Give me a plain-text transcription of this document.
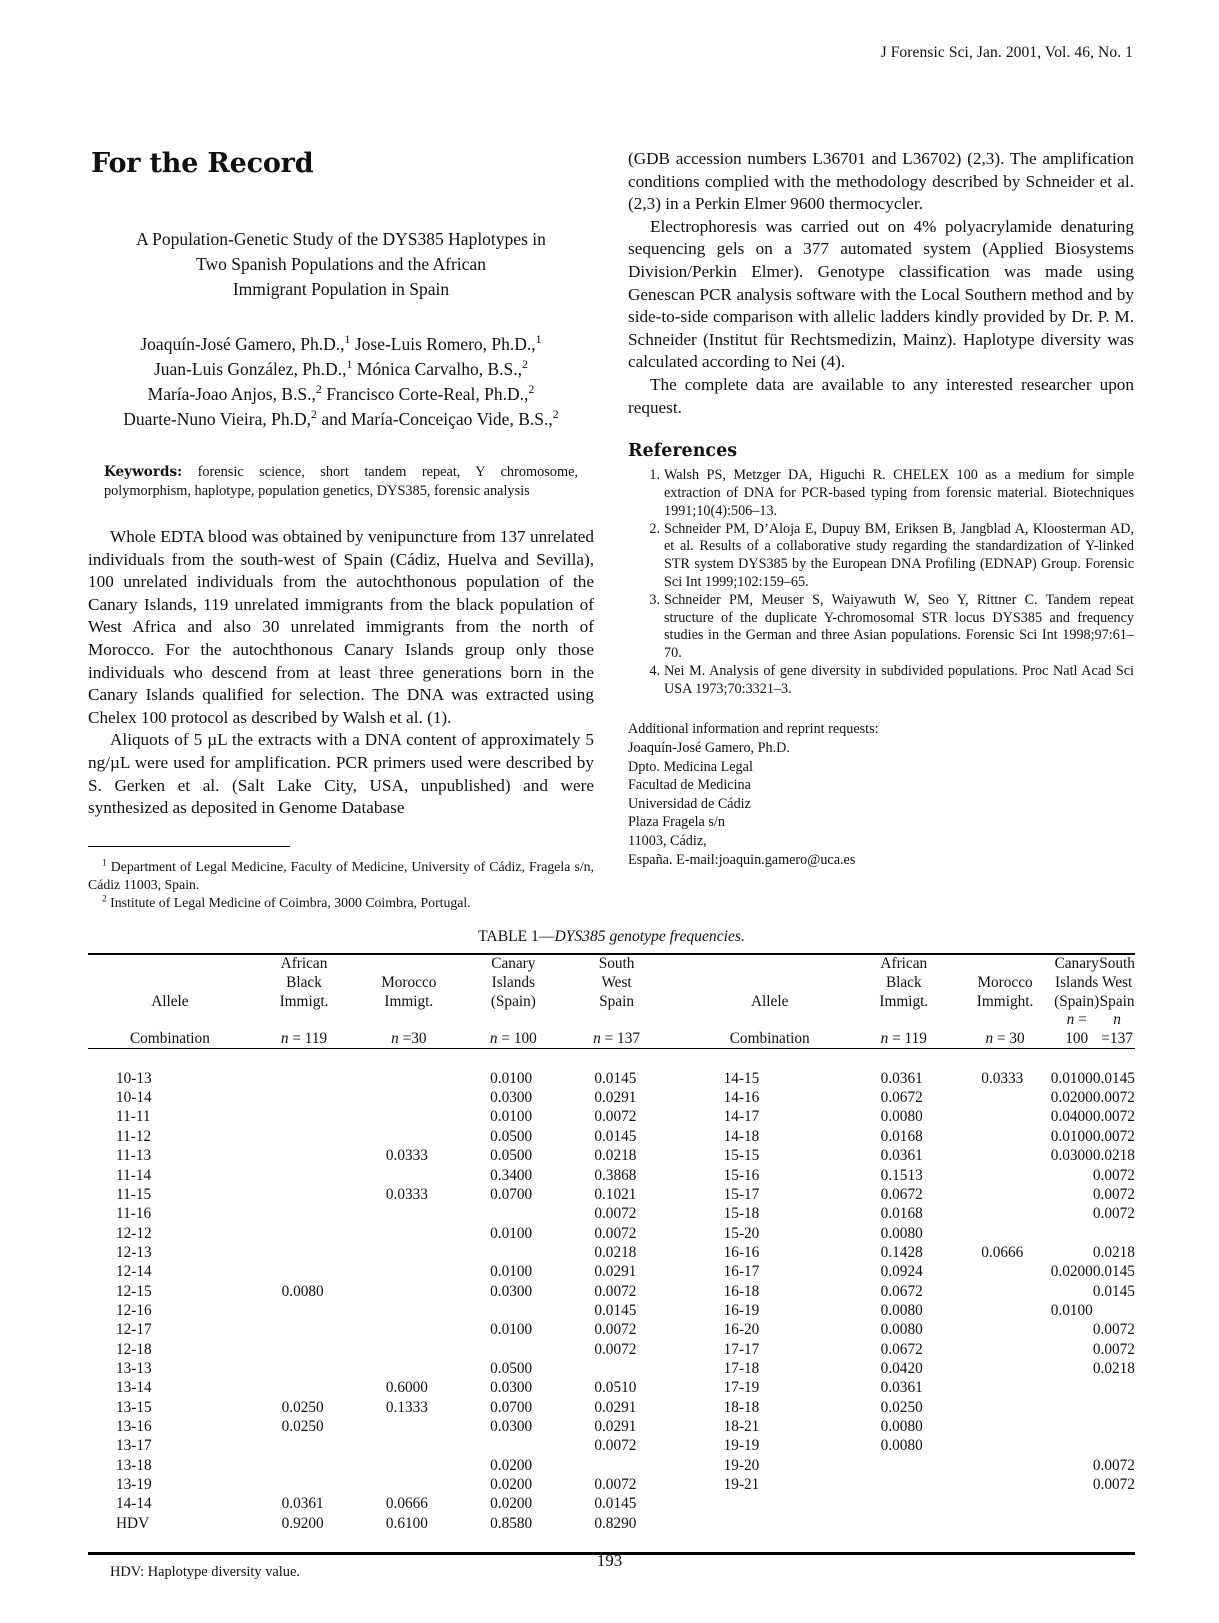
J Forensic Sci, Jan. 2001, Vol. 46, No. 1
For the Record
A Population-Genetic Study of the DYS385 Haplotypes in
Two Spanish Populations and the African
Immigrant Population in Spain
Joaquín-José Gamero, Ph.D.,$^1$ Jose-Luis Romero, Ph.D.,$^1$
Juan-Luis González, Ph.D.,$^1$ Mónica Carvalho, B.S.,$^2$
María-Joao Anjos, B.S.,$^2$ Francisco Corte-Real, Ph.D.,$^2$
Duarte-Nuno Vieira, Ph.D,$^2$ and María-Conceiçao Vide, B.S.,$^2$

Keywords: forensic science, short tandem repeat, Y chromosome, polymorphism, haplotype, population genetics, DYS385, forensic analysis

Whole EDTA blood was obtained by venipuncture from 137 unrelated individuals from the south-west of Spain (Cádiz, Huelva and Sevilla), 100 unrelated individuals from the autochthonous population of the Canary Islands, 119 unrelated immigrants from the black population of West Africa and also 30 unrelated immigrants from the north of Morocco. For the autochthonous Canary Islands group only those individuals who descend from at least three generations born in the Canary Islands qualified for selection. The DNA was extracted using Chelex 100 protocol as described by Walsh et al. (1).

Aliquots of 5 µL the extracts with a DNA content of approximately 5 ng/µL were used for amplification. PCR primers used were described by S. Gerken et al. (Salt Lake City, USA, unpublished) and were synthesized as deposited in Genome Database

$^1$ Department of Legal Medicine, Faculty of Medicine, University of Cádiz, Fragela s/n, Cádiz 11003, Spain.

$^2$ Institute of Legal Medicine of Coimbra, 3000 Coimbra, Portugal.

(GDB accession numbers L36701 and L36702) (2,3). The amplification conditions complied with the methodology described by Schneider et al. (2,3) in a Perkin Elmer 9600 thermocycler.

Electrophoresis was carried out on 4% polyacrylamide denaturing sequencing gels on a 377 automated system (Applied Biosystems Division/Perkin Elmer). Genotype classification was made using Genescan PCR analysis software with the Local Southern method and by side-to-side comparison with allelic ladders kindly provided by Dr. P. M. Schneider (Institut für Rechtsmedizin, Mainz). Haplotype diversity was calculated according to Nei (4).

The complete data are available to any interested researcher upon request.

References
1. Walsh PS, Metzger DA, Higuchi R. CHELEX 100 as a medium for simple extraction of DNA for PCR-based typing from forensic material. Biotechniques 1991;10(4):506–13.
2. Schneider PM, D’Aloja E, Dupuy BM, Eriksen B, Jangblad A, Kloosterman AD, et al. Results of a collaborative study regarding the standardization of Y-linked STR system DYS385 by the European DNA Profiling (EDNAP) Group. Forensic Sci Int 1999;102:159–65.
3. Schneider PM, Meuser S, Waiyawuth W, Seo Y, Rittner C. Tandem repeat structure of the duplicate Y-chromosomal STR locus DYS385 and frequency studies in the German and three Asian populations. Forensic Sci Int 1998;97:61–70.
4. Nei M. Analysis of gene diversity in subdivided populations. Proc Natl Acad Sci USA 1973;70:3321–3.
Additional information and reprint requests:
Joaquín-José Gamero, Ph.D.
Dpto. Medicina Legal
Facultad de Medicina
Universidad de Cádiz
Plaza Fragela s/n
11003, Cádiz,
España. E-mail:joaquin.gamero@uca.es
TABLE 1—DYS385 genotype frequencies.
	African		Canary	South			African		Canary	South
	Black	Morocco	Islands	West			Black	Morocco	Islands	West
Allele	Immigt.	Immigt.	(Spain)	Spain		Allele	Immigt.	Immight.	(Spain)	Spain
Combination	n = 119	n =30	n = 100	n = 137		Combination	n = 119	n = 30	n = 100	n =137

10-13			0.0100	0.0145		14-15	0.0361	0.0333	0.0100	0.0145
10-14			0.0300	0.0291		14-16	0.0672		0.0200	0.0072
11-11			0.0100	0.0072		14-17	0.0080		0.0400	0.0072
11-12			0.0500	0.0145		14-18	0.0168		0.0100	0.0072
11-13		0.0333	0.0500	0.0218		15-15	0.0361		0.0300	0.0218
11-14			0.3400	0.3868		15-16	0.1513			0.0072
11-15		0.0333	0.0700	0.1021		15-17	0.0672			0.0072
11-16				0.0072		15-18	0.0168			0.0072
12-12			0.0100	0.0072		15-20	0.0080			
12-13				0.0218		16-16	0.1428	0.0666		0.0218
12-14			0.0100	0.0291		16-17	0.0924		0.0200	0.0145
12-15	0.0080		0.0300	0.0072		16-18	0.0672			0.0145
12-16				0.0145		16-19	0.0080		0.0100	
12-17			0.0100	0.0072		16-20	0.0080			0.0072
12-18				0.0072		17-17	0.0672			0.0072
13-13			0.0500			17-18	0.0420			0.0218
13-14		0.6000	0.0300	0.0510		17-19	0.0361			
13-15	0.0250	0.1333	0.0700	0.0291		18-18	0.0250			
13-16	0.0250		0.0300	0.0291		18-21	0.0080			
13-17				0.0072		19-19	0.0080			
13-18			0.0200			19-20				0.0072
13-19			0.0200	0.0072		19-21				0.0072
14-14	0.0361	0.0666	0.0200	0.0145						
HDV	0.9200	0.6100	0.8580	0.8290						

HDV: Haplotype diversity value.
193
